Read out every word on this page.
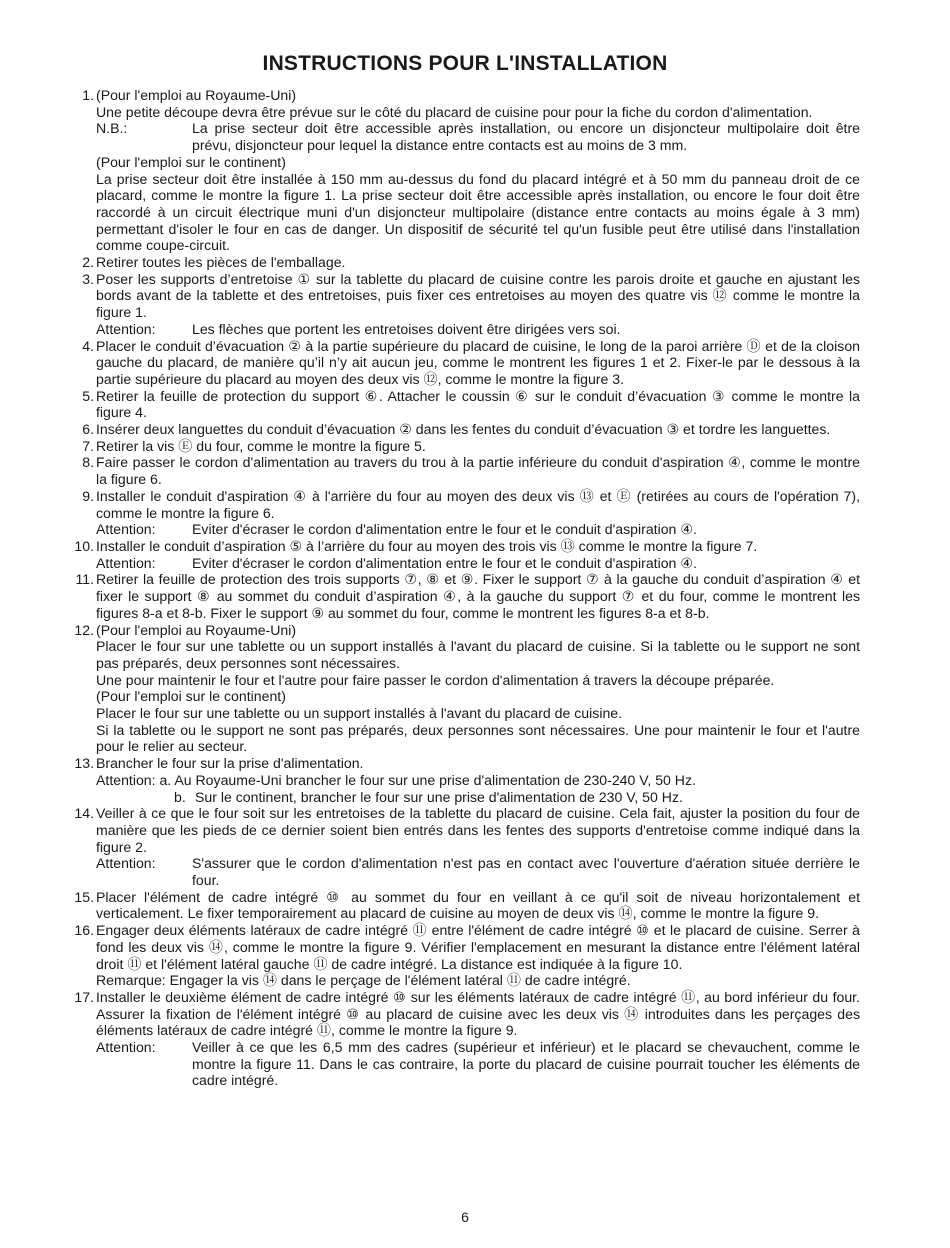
INSTRUCTIONS POUR L'INSTALLATION
1. (Pour l'emploi au Royaume-Uni)
Une petite découpe devra être prévue sur le côté du placard de cuisine pour pour la fiche du cordon d'alimentation.
N.B.:	La prise secteur doit être accessible après installation, ou encore un disjoncteur multipolaire doit être prévu, disjoncteur pour lequel la distance entre contacts est au moins de 3 mm.
(Pour l'emploi sur le continent)
La prise secteur doit être installée à 150 mm au-dessus du fond du placard intégré et à 50 mm du panneau droit de ce placard, comme le montre la figure 1. La prise secteur doit être accessible après installation, ou encore le four doit être raccordé à un circuit électrique muni d'un disjoncteur multipolaire (distance entre contacts au moins égale à 3 mm) permettant d'isoler le four en cas de danger. Un dispositif de sécurité tel qu'un fusible peut être utilisé dans l'installation comme coupe-circuit.
2. Retirer toutes les pièces de l'emballage.
3. Poser les supports d’entretoise ① sur la tablette du placard de cuisine contre les parois droite et gauche en ajustant les bords avant de la tablette et des entretoises, puis fixer ces entretoises au moyen des quatre vis ⑫ comme le montre la figure 1.
Attention:	Les flèches que portent les entretoises doivent être dirigées vers soi.
4. Placer le conduit d’évacuation ② à la partie supérieure du placard de cuisine, le long de la paroi arrière Ⓓ et de la cloison gauche du placard, de manière qu’il n’y ait aucun jeu, comme le montrent les figures 1 et 2. Fixer-le par le dessous à la partie supérieure du placard au moyen des deux vis ⑫, comme le montre la figure 3.
5. Retirer la feuille de protection du support ⑥. Attacher le coussin ⑥ sur le conduit d’évacuation ③ comme le montre la figure 4.
6. Insérer deux languettes du conduit d’évacuation ② dans les fentes du conduit d’évacuation ③ et tordre les languettes.
7. Retirer la vis Ⓔ du four, comme le montre la figure 5.
8. Faire passer le cordon d'alimentation au travers du trou à la partie inférieure du conduit d'aspiration ④, comme le montre la figure 6.
9. Installer le conduit d'aspiration ④ à l'arrière du four au moyen des deux vis ⑬ et Ⓔ (retirées au cours de l'opération 7), comme le montre la figure 6.
Attention:	Eviter d'écraser le cordon d'alimentation entre le four et le conduit d'aspiration ④.
10. Installer le conduit d’aspiration ⑤ à l’arrière du four au moyen des trois vis ⑬ comme le montre la figure 7.
Attention:	Eviter d'écraser le cordon d'alimentation entre le four et le conduit d'aspiration ④.
11. Retirer la feuille de protection des trois supports ⑦, ⑧ et ⑨. Fixer le support ⑦ à la gauche du conduit d’aspiration ④ et fixer le support ⑧ au sommet du conduit d’aspiration ④, à la gauche du support ⑦ et du four, comme le montrent les figures 8-a et 8-b. Fixer le support ⑨ au sommet du four, comme le montrent les figures 8-a et 8-b.
12. (Pour l'emploi au Royaume-Uni)
Placer le four sur une tablette ou un support installés à l'avant du placard de cuisine. Si la tablette ou le support ne sont pas préparés, deux personnes sont nécessaires.
Une pour maintenir le four et l'autre pour faire passer le cordon d'alimentation á travers la découpe préparée.
(Pour l'emploi sur le continent)
Placer le four sur une tablette ou un support installés à l'avant du placard de cuisine.
Si la tablette ou le support ne sont pas préparés, deux personnes sont nécessaires. Une pour maintenir le four et l'autre pour le relier au secteur.
13. Brancher le four sur la prise d'alimentation.
Attention: a. Au Royaume-Uni brancher le four sur une prise d'alimentation de 230-240 V, 50 Hz.
b. Sur le continent, brancher le four sur une prise d'alimentation de 230 V, 50 Hz.
14. Veiller à ce que le four soit sur les entretoises de la tablette du placard de cuisine. Cela fait, ajuster la position du four de manière que les pieds de ce dernier soient bien entrés dans les fentes des supports d'entretoise comme indiqué dans la figure 2.
Attention:	S'assurer que le cordon d'alimentation n'est pas en contact avec l'ouverture d'aération située derrière le four.
15. Placer l'élément de cadre intégré ⑩ au sommet du four en veillant à ce qu'il soit de niveau horizontalement et verticalement. Le fixer temporairement au placard de cuisine au moyen de deux vis ⑭, comme le montre la figure 9.
16. Engager deux éléments latéraux de cadre intégré ⑪ entre l'élément de cadre intégré ⑩ et le placard de cuisine. Serrer à fond les deux vis ⑭, comme le montre la figure 9. Vérifier l'emplacement en mesurant la distance entre l'élément latéral droit ⑪ et l'élément latéral gauche ⑪ de cadre intégré. La distance est indiquée à la figure 10.
Remarque: Engager la vis ⑭ dans le perçage de l'élément latéral ⑪ de cadre intégré.
17. Installer le deuxième élément de cadre intégré ⑩ sur les éléments latéraux de cadre intégré ⑪, au bord inférieur du four. Assurer la fixation de l'élément intégré ⑩ au placard de cuisine avec les deux vis ⑭ introduites dans les perçages des éléments latéraux de cadre intégré ⑪, comme le montre la figure 9.
Attention:	Veiller à ce que les 6,5 mm des cadres (supérieur et inférieur) et le placard se chevauchent, comme le montre la figure 11. Dans le cas contraire, la porte du placard de cuisine pourrait toucher les éléments de cadre intégré.
6
